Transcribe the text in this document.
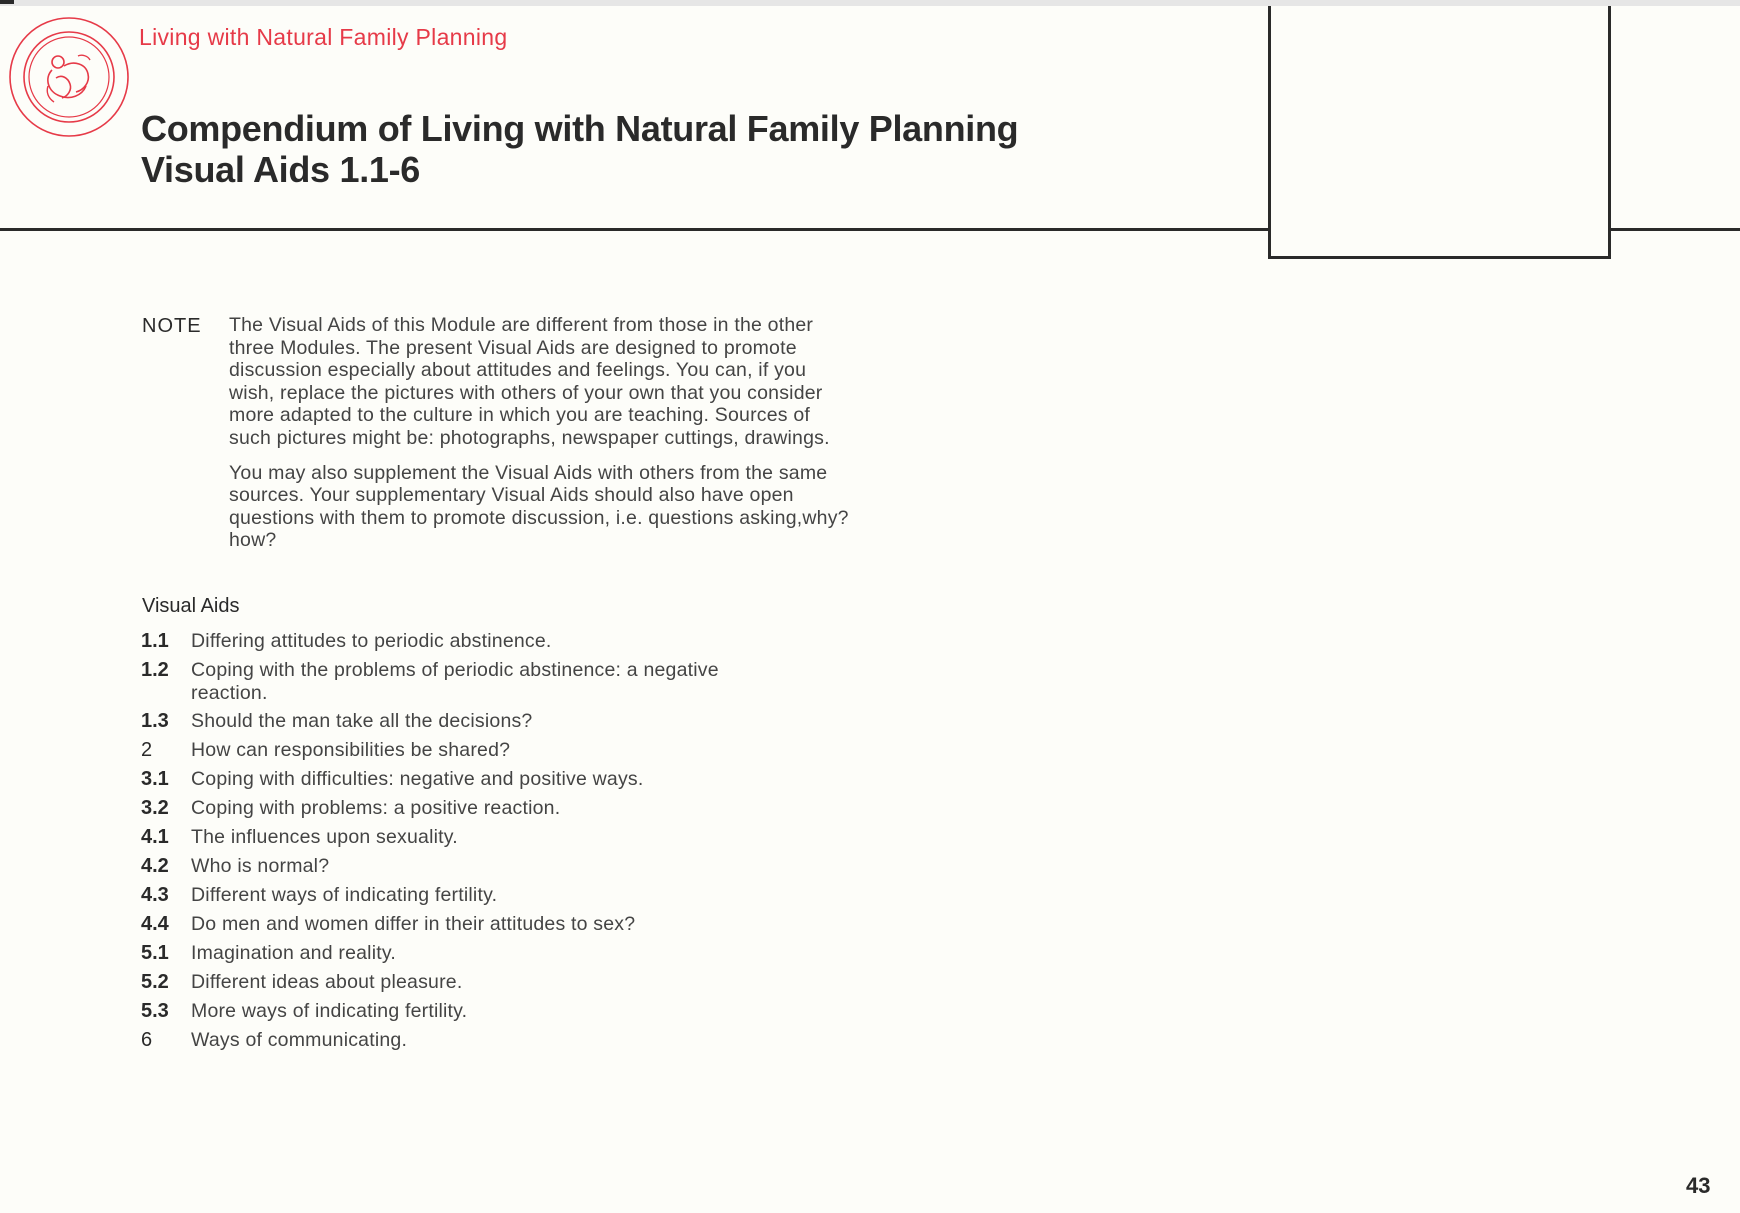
Living with Natural Family Planning
Compendium of Living with Natural Family Planning
Visual Aids 1.1-6
NOTE The Visual Aids of this Module are different from those in the other three Modules. The present Visual Aids are designed to promote discussion especially about attitudes and feelings. You can, if you wish, replace the pictures with others of your own that you consider more adapted to the culture in which you are teaching. Sources of such pictures might be: photographs, newspaper cuttings, drawings.

You may also supplement the Visual Aids with others from the same sources. Your supplementary Visual Aids should also have open questions with them to promote discussion, i.e. questions asking,why? how?

Visual Aids
1.1	Differing attitudes to periodic abstinence.
1.2	Coping with the problems of periodic abstinence: a negative reaction.
1.3	Should the man take all the decisions?
2	How can responsibilities be shared?
3.1	Coping with difficulties: negative and positive ways.
3.2	Coping with problems: a positive reaction.
4.1	The influences upon sexuality.
4.2	Who is normal?
4.3	Different ways of indicating fertility.
4.4	Do men and women differ in their attitudes to sex?
5.1	Imagination and reality.
5.2	Different ideas about pleasure.
5.3	More ways of indicating fertility.
6	Ways of communicating.
43
